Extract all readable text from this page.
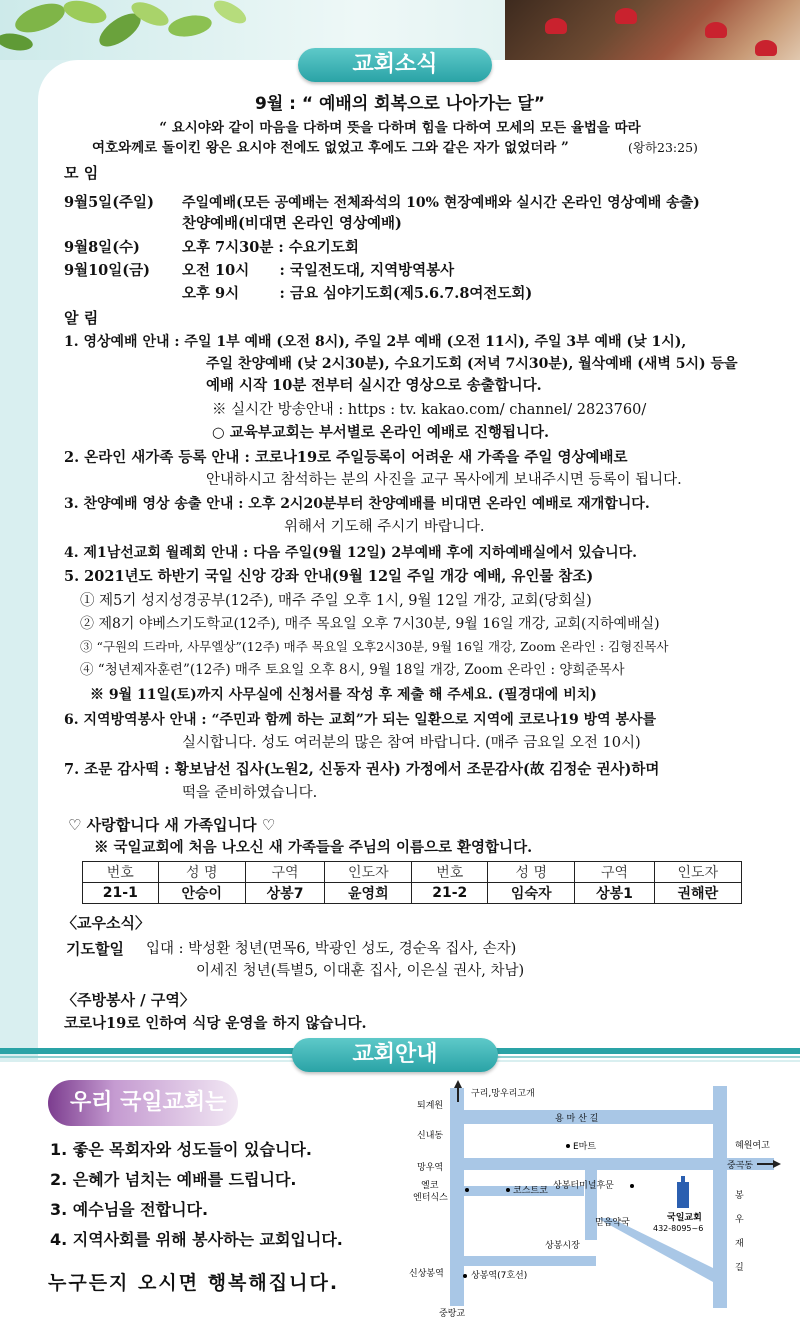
교회소식
9월 : “ 예배의 회복으로 나아가는 달”
“ 요시야와 같이 마음을 다하며 뜻을 다하며 힘을 다하여 모세의 모든 율법을 따라
여호와께로 돌이킨 왕은 요시야 전에도 없었고 후에도 그와 같은 자가 없었더라 ”	(왕하23:25)
모 임
9월5일(주일) 주일예배(모든 공예배는 전체좌석의 10% 현장예배와 실시간 온라인 영상예배 송출)
찬양예배(비대면 온라인 영상예배)
9월8일(수)	오후 7시30분 : 수요기도회
9월10일(금) 오전 10시      : 국일전도대, 지역방역봉사
오후 9시        : 금요 심야기도회(제5.6.7.8여전도회)
알 림
1. 영상예배 안내 : 주일 1부 예배 (오전 8시), 주일 2부 예배 (오전 11시), 주일 3부 예배 (낮 1시),
주일 찬양예배 (낮 2시30분), 수요기도회 (저녁 7시30분), 월삭예배 (새벽 5시) 등을
예배 시작 10분 전부터 실시간 영상으로 송출합니다.
※ 실시간 방송안내 : https : tv. kakao.com/ channel/ 2823760/
○ 교육부교회는 부서별로 온라인 예배로 진행됩니다.
2. 온라인 새가족 등록 안내 : 코로나19로 주일등록이 어려운 새 가족을 주일 영상예배로
안내하시고 참석하는 분의 사진을 교구 목사에게 보내주시면 등록이 됩니다.
3. 찬양예배 영상 송출 안내 : 오후 2시20분부터 찬양예배를 비대면 온라인 예배로 재개합니다.
위해서 기도해 주시기 바랍니다.
4. 제1남선교회 월례회 안내 : 다음 주일(9월 12일) 2부예배 후에 지하예배실에서 있습니다.
5. 2021년도 하반기 국일 신앙 강좌 안내(9월 12일 주일 개강 예배, 유인물 참조)
① 제5기 성지성경공부(12주), 매주 주일 오후 1시, 9월 12일 개강, 교회(당회실)
② 제8기 야베스기도학교(12주), 매주 목요일 오후 7시30분, 9월 16일 개강, 교회(지하예배실)
③ “구원의 드라마, 사무엘상”(12주) 매주 목요일 오후2시30분, 9월 16일 개강, Zoom 온라인 : 김형진목사
④ “청년제자훈련”(12주) 매주 토요일 오후 8시, 9월 18일 개강, Zoom 온라인 : 양희준목사
※ 9월 11일(토)까지 사무실에 신청서를 작성 후 제출 해 주세요. (필경대에 비치)
6. 지역방역봉사 안내 : “주민과 함께 하는 교회”가 되는 일환으로 지역에 코로나19 방역 봉사를
실시합니다. 성도 여러분의 많은 참여 바랍니다. (매주 금요일 오전 10시)
7. 조문 감사떡 : 황보남선 집사(노원2, 신동자 권사) 가정에서 조문감사(故 김정순 권사)하며
떡을 준비하였습니다.
♡ 사랑합니다 새 가족입니다 ♡
※ 국일교회에 처음 나오신 새 가족들을 주님의 이름으로 환영합니다.
번호	성 명	구역	인도자	번호	성 명	구역	인도자
21-1	안승이	상봉7	윤영희	21-2	임숙자	상봉1	권해란
〈교우소식〉
기도할일 입대 : 박성환 청년(면목6, 박광인 성도, 경순옥 집사, 손자)
이세진 청년(특별5, 이대훈 집사, 이은실 권사, 차남)
〈주방봉사 / 구역〉
코로나19로 인하여 식당 운영을 하지 않습니다.
교회안내
우리 국일교회는
1. 좋은 목회자와 성도들이 있습니다.
2. 은혜가 넘치는 예배를 드립니다.
3. 예수님을 전합니다.
4. 지역사회를 위해 봉사하는 교회입니다.
누구든지 오시면 행복해집니다.
구리,망우리고개
퇴계원
용 마 산 길
신내동
혜원여고
E마트
망우역	중곡동
옐코
엔터식스
코스트코 상봉터미널후문
국일교회
432-8095~6
믿음약국
봉
우
재
길
상봉시장
신상봉역	상봉역(7호선)
중랑교
